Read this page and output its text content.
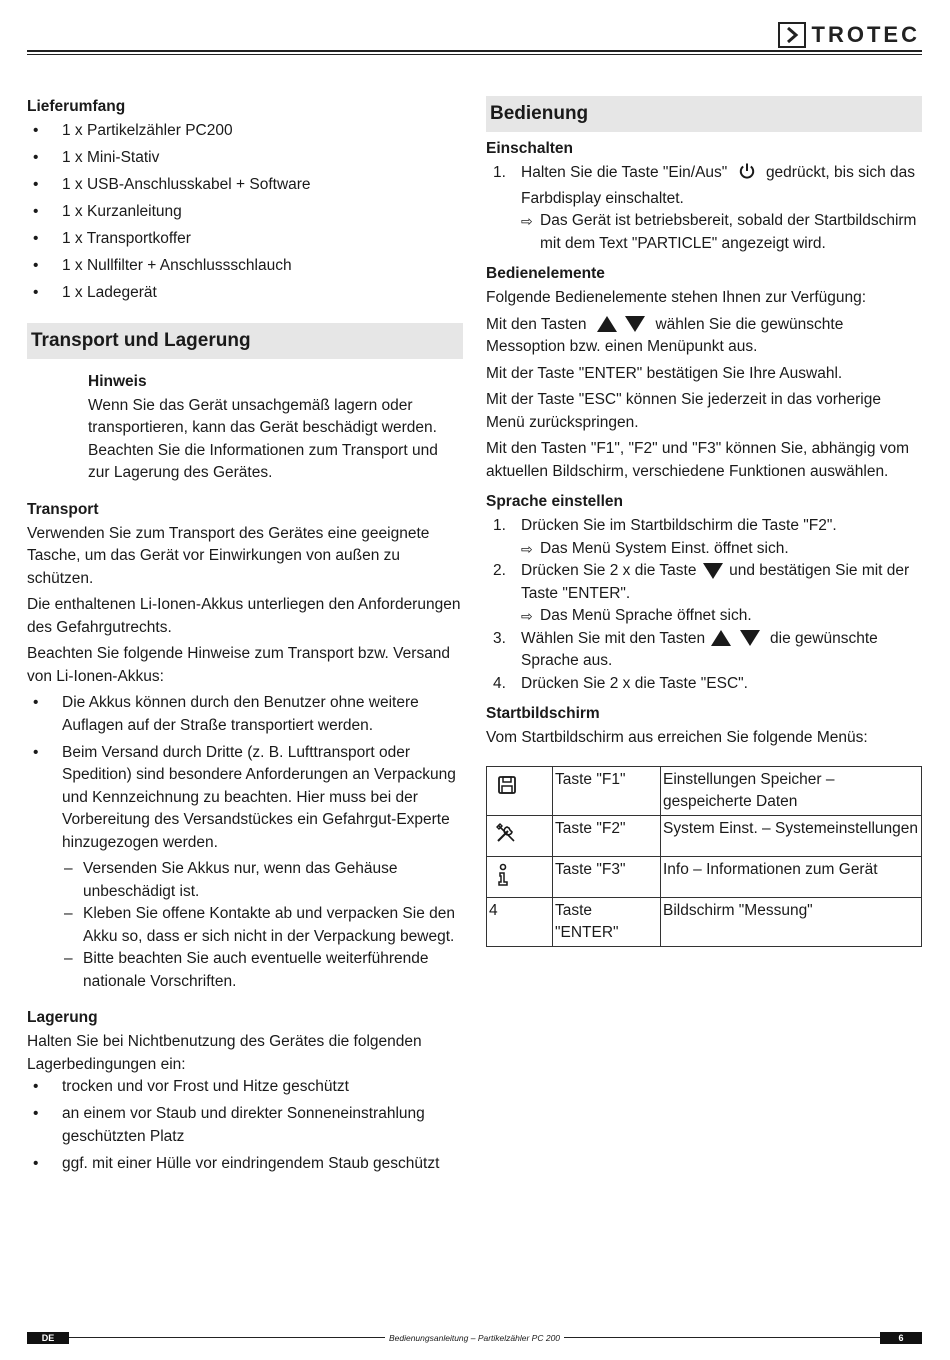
TROTEC
Lieferumfang
• 1 x Partikelzähler PC200
• 1 x Mini-Stativ
• 1 x USB-Anschlusskabel + Software
• 1 x Kurzanleitung
• 1 x Transportkoffer
• 1 x Nullfilter + Anschlussschlauch
• 1 x Ladegerät
Transport und Lagerung
Hinweis

Wenn Sie das Gerät unsachgemäß lagern oder transportieren, kann das Gerät beschädigt werden. Beachten Sie die Informationen zum Transport und zur Lagerung des Gerätes.

Transport

Verwenden Sie zum Transport des Gerätes eine geeignete Tasche, um das Gerät vor Einwirkungen von außen zu schützen.

Die enthaltenen Li-Ionen-Akkus unterliegen den Anforderungen des Gefahrgutrechts.

Beachten Sie folgende Hinweise zum Transport bzw. Versand von Li-Ionen-Akkus:

• Die Akkus können durch den Benutzer ohne weitere Auflagen auf der Straße transportiert werden.
• Beim Versand durch Dritte (z. B. Lufttransport oder Spedition) sind besondere Anforderungen an Verpackung und Kennzeichnung zu beachten. Hier muss bei der Vorbereitung des Versandstückes ein Gefahrgut-Experte hinzugezogen werden.
– Versenden Sie Akkus nur, wenn das Gehäuse unbeschädigt ist.
– Kleben Sie offene Kontakte ab und verpacken Sie den Akku so, dass er sich nicht in der Verpackung bewegt.
– Bitte beachten Sie auch eventuelle weiterführende nationale Vorschriften.
Lagerung

Halten Sie bei Nichtbenutzung des Gerätes die folgenden Lagerbedingungen ein:

• trocken und vor Frost und Hitze geschützt
• an einem vor Staub und direkter Sonneneinstrahlung geschützten Platz
• ggf. mit einer Hülle vor eindringendem Staub geschützt
Bedienung
Einschalten
1. Halten Sie die Taste "Ein/Aus" gedrückt, bis sich das Farbdisplay einschaltet.
⇨ Das Gerät ist betriebsbereit, sobald der Startbildschirm mit dem Text "PARTICLE" angezeigt wird.
Bedienelemente

Folgende Bedienelemente stehen Ihnen zur Verfügung:

Mit den Tasten	wählen Sie die gewünschte Messoption bzw. einen Menüpunkt aus.

Mit der Taste "ENTER" bestätigen Sie Ihre Auswahl.

Mit der Taste "ESC" können Sie jederzeit in das vorherige Menü zurückspringen.

Mit den Tasten "F1", "F2" und "F3" können Sie, abhängig vom aktuellen Bildschirm, verschiedene Funktionen auswählen.

Sprache einstellen
1. Drücken Sie im Startbildschirm die Taste "F2".
⇨ Das Menü System Einst. öffnet sich.
2. Drücken Sie 2 x die Taste und bestätigen Sie mit der Taste "ENTER".
⇨ Das Menü Sprache öffnet sich.
3. Wählen Sie mit den Tasten	die gewünschte Sprache aus.
4. Drücken Sie 2 x die Taste "ESC".
Startbildschirm

Vom Startbildschirm aus erreichen Sie folgende Menüs:

	Taste "F1"	Einstellungen Speicher – gespeicherte Daten
	Taste "F2"	System Einst. – Systemeinstellungen
	Taste "F3"	Info – Informationen zum Gerät
4	Taste "ENTER"	Bildschirm "Messung"
Bedienungsanleitung – Partikelzähler PC 200
DE	6
